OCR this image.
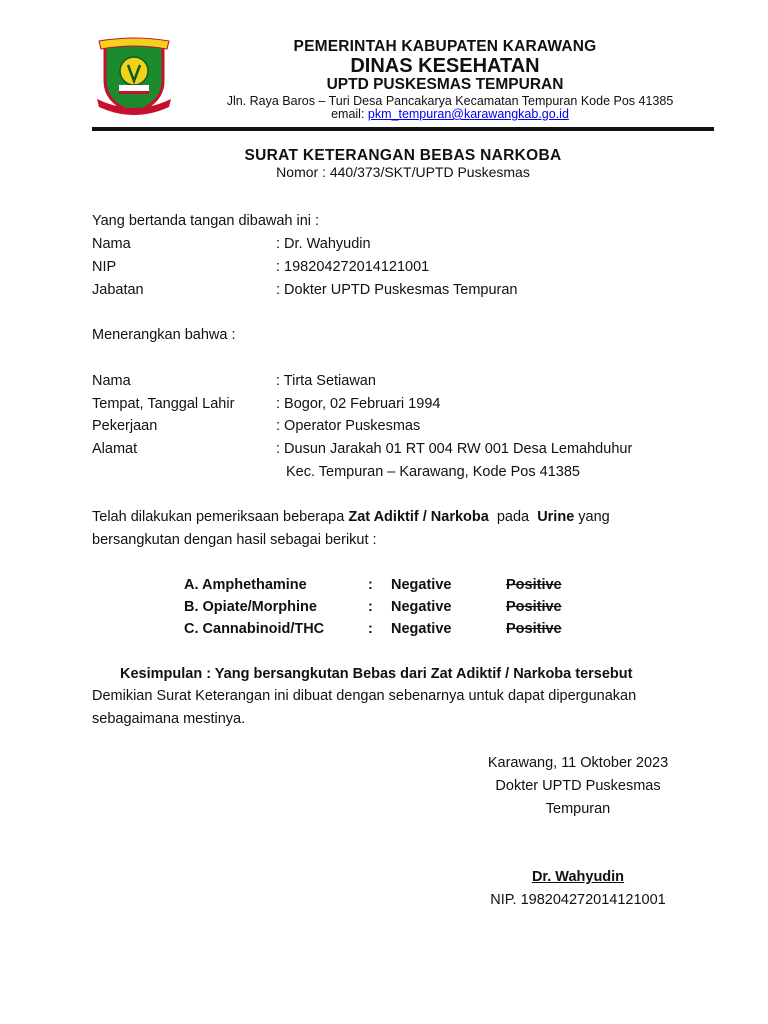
PEMERINTAH KABUPATEN KARAWANG
DINAS KESEHATAN
UPTD PUSKESMAS TEMPURAN
Jln. Raya Baros – Turi Desa Pancakarya Kecamatan Tempuran Kode Pos 41385
email: pkm_tempuran@karawangkab.go.id
SURAT KETERANGAN BEBAS NARKOBA
Nomor : 440/373/SKT/UPTD Puskesmas
Yang bertanda tangan dibawah ini :
Nama	: Dr. Wahyudin
NIP	: 198204272014121001
Jabatan	: Dokter UPTD Puskesmas Tempuran
Menerangkan bahwa :
Nama	: Tirta Setiawan
Tempat, Tanggal Lahir	: Bogor, 02 Februari 1994
Pekerjaan	: Operator Puskesmas
Alamat	: Dusun Jarakah 01 RT 004 RW 001 Desa Lemahduhur
Kec. Tempuran – Karawang, Kode Pos 41385
Telah dilakukan pemeriksaan beberapa Zat Adiktif / Narkoba  pada  Urine yang
bersangkutan dengan hasil sebagai berikut :
A. Amphethamine	: Negative	Positive
B. Opiate/Morphine	: Negative	Positive
C. Cannabinoid/THC	: Negative	Positive
Kesimpulan : Yang bersangkutan Bebas dari Zat Adiktif / Narkoba tersebut
Demikian Surat Keterangan ini dibuat dengan sebenarnya untuk dapat dipergunakan
sebagaimana mestinya.
Karawang, 11 Oktober 2023
Dokter UPTD Puskesmas
Tempuran
Dr. Wahyudin
NIP. 198204272014121001
